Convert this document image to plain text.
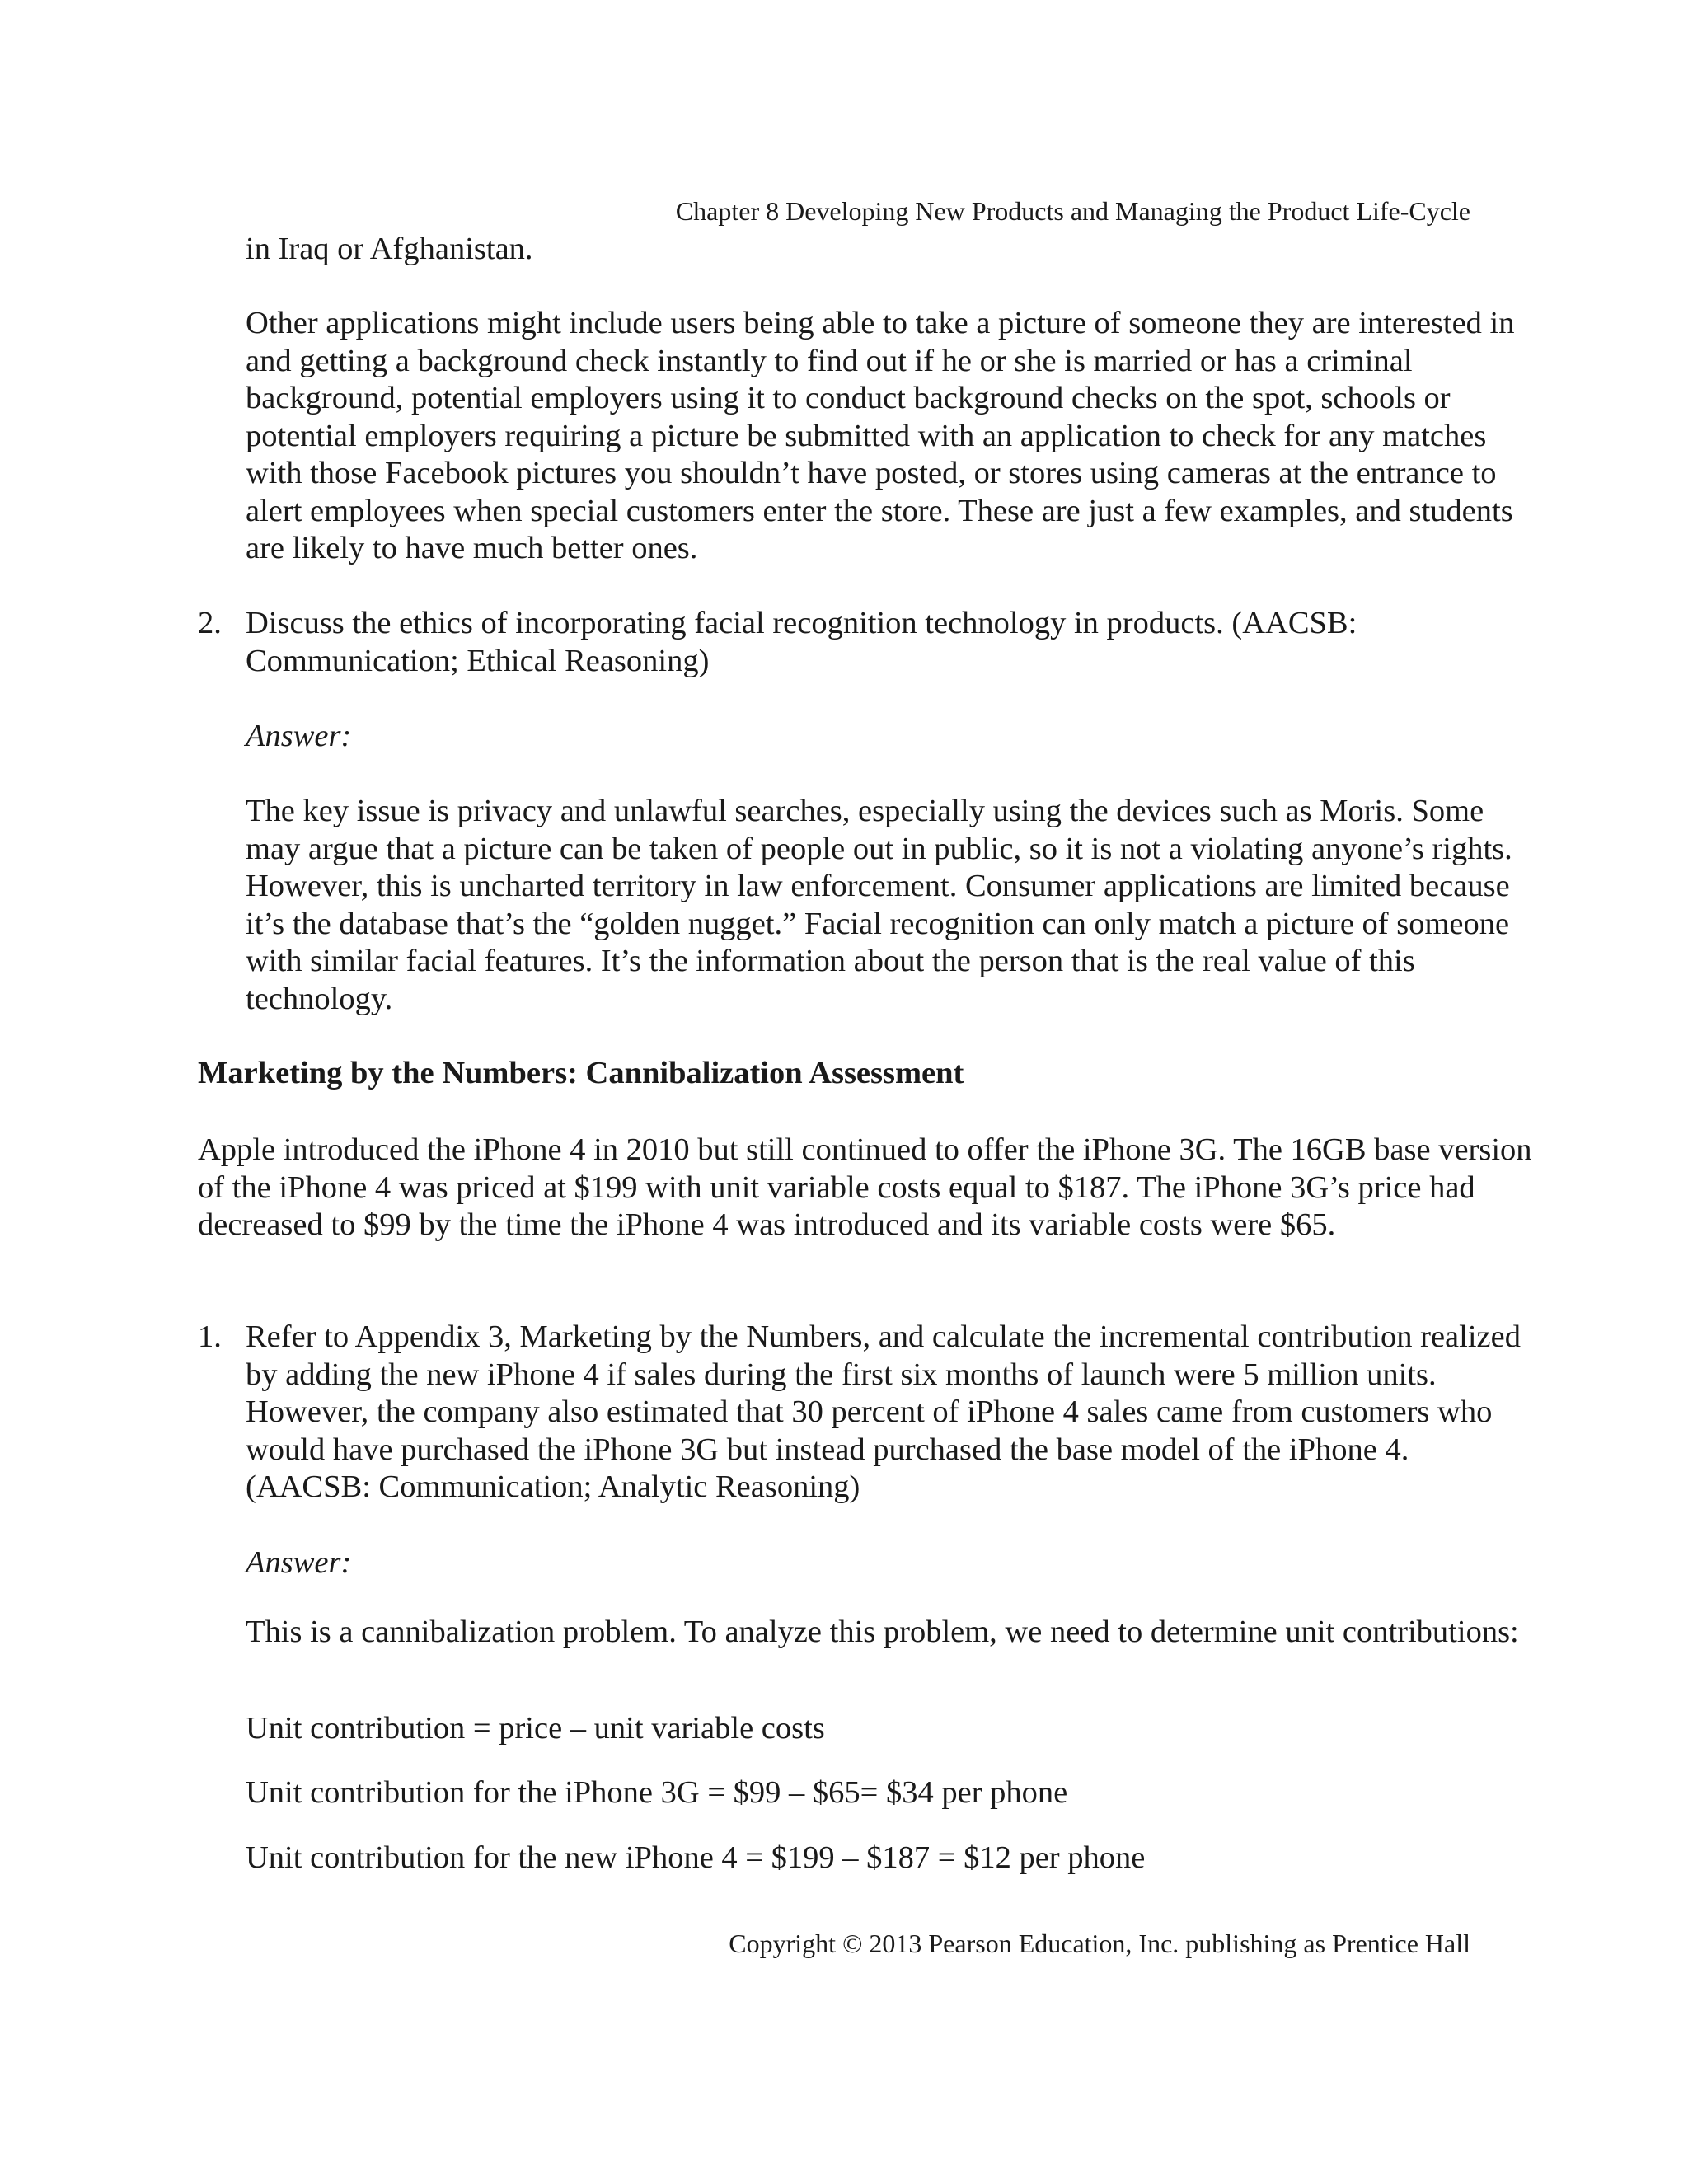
Chapter 8 Developing New Products and Managing the Product Life-Cycle

in Iraq or Afghanistan.

Other applications might include users being able to take a picture of someone they are interested in and getting a background check instantly to find out if he or she is married or has a criminal background, potential employers using it to conduct background checks on the spot, schools or potential employers requiring a picture be submitted with an application to check for any matches with those Facebook pictures you shouldn’t have posted, or stores using cameras at the entrance to alert employees when special customers enter the store. These are just a few examples, and students are likely to have much better ones.

2. Discuss the ethics of incorporating facial recognition technology in products. (AACSB: Communication; Ethical Reasoning)

Answer:

The key issue is privacy and unlawful searches, especially using the devices such as Moris. Some may argue that a picture can be taken of people out in public, so it is not a violating anyone’s rights. However, this is uncharted territory in law enforcement. Consumer applications are limited because it’s the database that’s the “golden nugget.” Facial recognition can only match a picture of someone with similar facial features. It’s the information about the person that is the real value of this technology.

Marketing by the Numbers: Cannibalization Assessment

Apple introduced the iPhone 4 in 2010 but still continued to offer the iPhone 3G. The 16GB base version of the iPhone 4 was priced at $199 with unit variable costs equal to $187. The iPhone 3G’s price had decreased to $99 by the time the iPhone 4 was introduced and its variable costs were $65.

1. Refer to Appendix 3, Marketing by the Numbers, and calculate the incremental contribution realized by adding the new iPhone 4 if sales during the first six months of launch were 5 million units. However, the company also estimated that 30 percent of iPhone 4 sales came from customers who would have purchased the iPhone 3G but instead purchased the base model of the iPhone 4. (AACSB: Communication; Analytic Reasoning)

Answer:

This is a cannibalization problem. To analyze this problem, we need to determine unit contributions:

Unit contribution = price – unit variable costs

Unit contribution for the iPhone 3G = $99 – $65= $34 per phone

Unit contribution for the new iPhone 4 = $199 – $187 = $12 per phone

Copyright © 2013 Pearson Education, Inc. publishing as Prentice Hall
